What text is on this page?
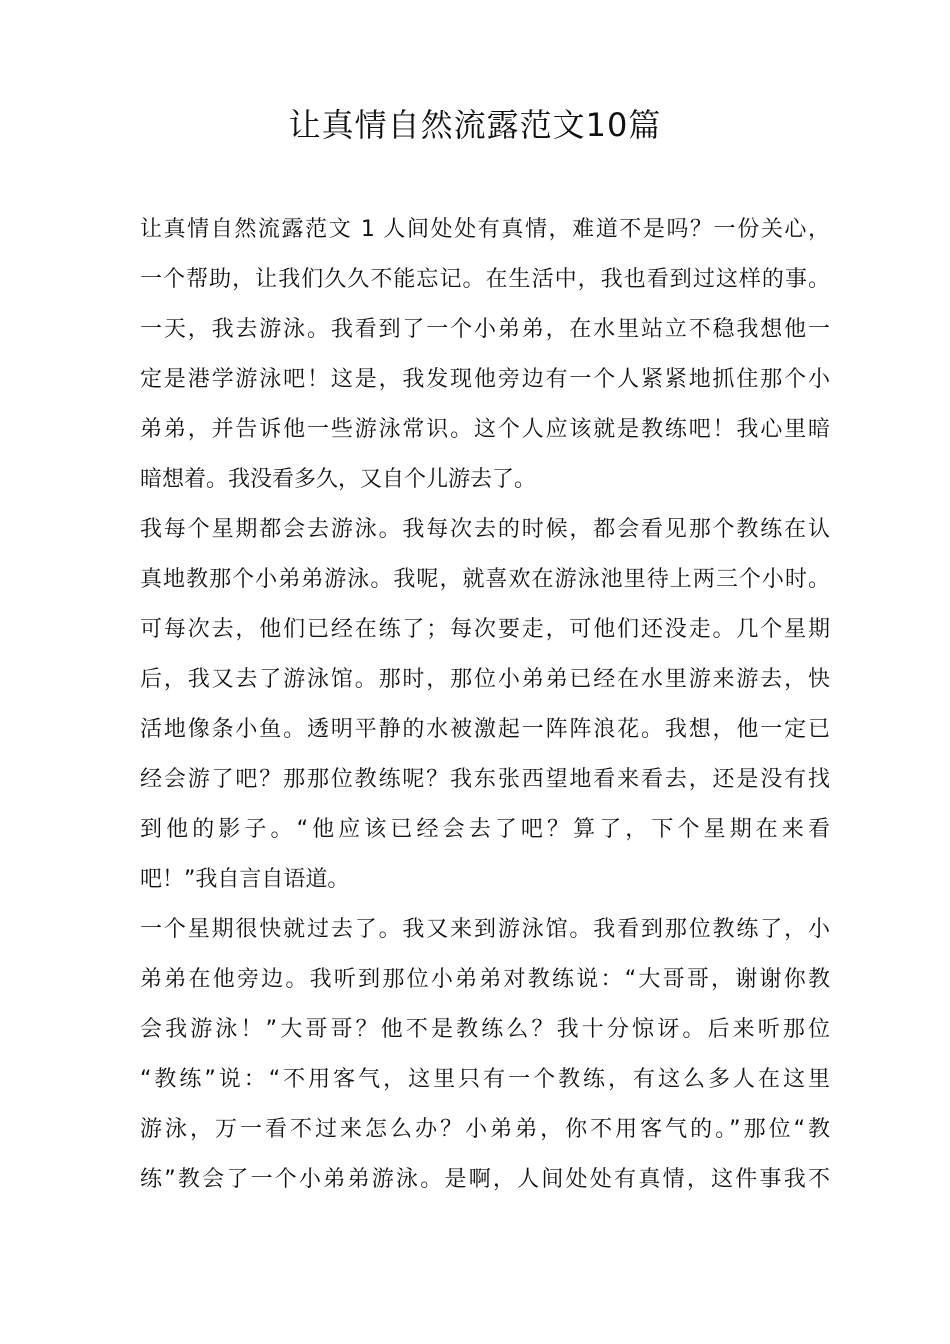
让真情自然流露范文10篇
让真情自然流露范文 1 人间处处有真情，难道不是吗？一份关心，
一个帮助，让我们久久不能忘记。在生活中，我也看到过这样的事。
一天，我去游泳。我看到了一个小弟弟，在水里站立不稳我想他一
定是港学游泳吧！这是，我发现他旁边有一个人紧紧地抓住那个小
弟弟，并告诉他一些游泳常识。这个人应该就是教练吧！我心里暗
暗想着。我没看多久，又自个儿游去了。
我每个星期都会去游泳。我每次去的时候，都会看见那个教练在认
真地教那个小弟弟游泳。我呢，就喜欢在游泳池里待上两三个小时。
可每次去，他们已经在练了；每次要走，可他们还没走。几个星期
后，我又去了游泳馆。那时，那位小弟弟已经在水里游来游去，快
活地像条小鱼。透明平静的水被激起一阵阵浪花。我想，他一定已
经会游了吧？那那位教练呢？我东张西望地看来看去，还是没有找
到他的影子。“他应该已经会去了吧？算了，下个星期在来看
吧！”我自言自语道。
一个星期很快就过去了。我又来到游泳馆。我看到那位教练了，小
弟弟在他旁边。我听到那位小弟弟对教练说：“大哥哥，谢谢你教
会我游泳！”大哥哥？他不是教练么？我十分惊讶。后来听那位
“教练”说：“不用客气，这里只有一个教练，有这么多人在这里
游泳，万一看不过来怎么办？小弟弟，你不用客气的。”那位“教
练”教会了一个小弟弟游泳。是啊，人间处处有真情，这件事我不
